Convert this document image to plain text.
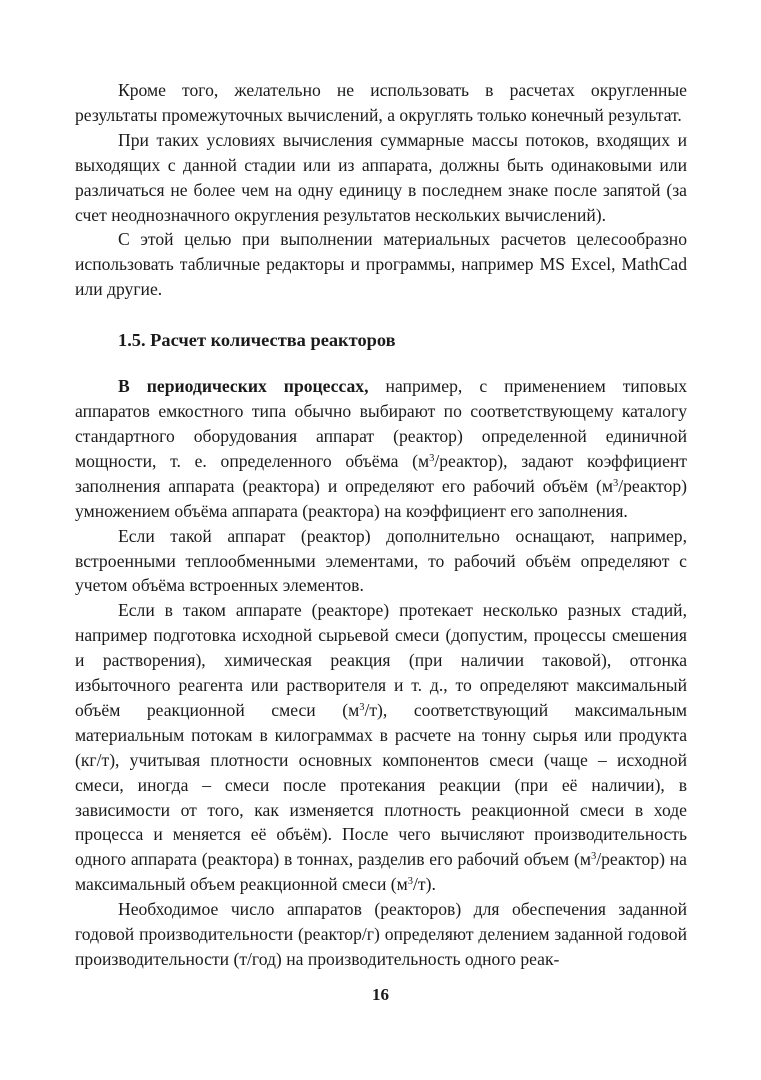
Кроме того, желательно не использовать в расчетах округленные результаты промежуточных вычислений, а округлять только конечный результат.

При таких условиях вычисления суммарные массы потоков, входящих и выходящих с данной стадии или из аппарата, должны быть одинаковыми или различаться не более чем на одну единицу в последнем знаке после запятой (за счет неоднозначного округления результатов нескольких вычислений).

С этой целью при выполнении материальных расчетов целесообразно использовать табличные редакторы и программы, например MS Excel, MathCad или другие.

1.5. Расчет количества реакторов

В периодических процессах, например, с применением типовых аппаратов емкостного типа обычно выбирают по соответствующему каталогу стандартного оборудования аппарат (реактор) определенной единичной мощности, т. е. определенного объёма $(м^3/реактор)$, задают коэффициент заполнения аппарата (реактора) и определяют его рабочий объём $(м^3/реактор)$ умножением объёма аппарата (реактора) на коэффициент его заполнения.

Если такой аппарат (реактор) дополнительно оснащают, например, встроенными теплообменными элементами, то рабочий объём определяют с учетом объёма встроенных элементов.

Если в таком аппарате (реакторе) протекает несколько разных стадий, например подготовка исходной сырьевой смеси (допустим, процессы смешения и растворения), химическая реакция (при наличии таковой), отгонка избыточного реагента или растворителя и т. д., то определяют максимальный объём реакционной смеси $(м^3/т)$, соответствующий максимальным материальным потокам в килограммах в расчете на тонну сырья или продукта (кг/т), учитывая плотности основных компонентов смеси (чаще – исходной смеси, иногда – смеси после протекания реакции (при её наличии), в зависимости от того, как изменяется плотность реакционной смеси в ходе процесса и меняется её объём). После чего вычисляют производительность одного аппарата (реактора) в тоннах, разделив его рабочий объем $(м^3/реактор)$ на максимальный объем реакционной смеси $(м^3/т)$.

Необходимое число аппаратов (реакторов) для обеспечения заданной годовой производительности (реактор/г) определяют делением заданной годовой производительности (т/год) на производительность одного реак-

16
